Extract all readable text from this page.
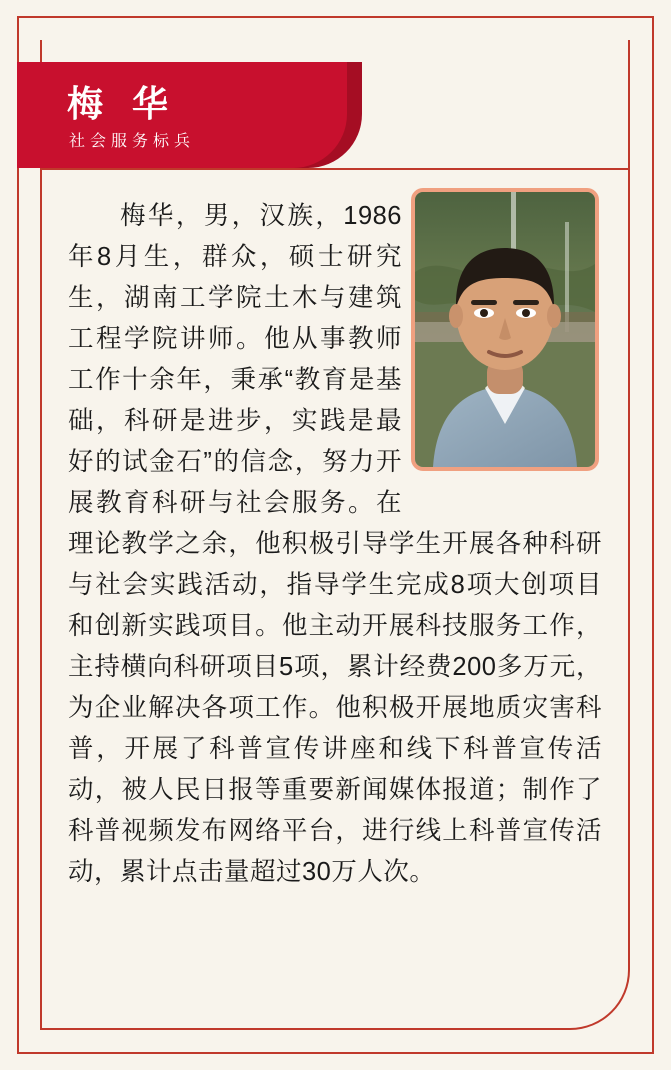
梅 华
社会服务标兵

梅华，男，汉族，1986年8月生，群众，硕士研究生，湖南工学院土木与建筑工程学院讲师。他从事教师工作十余年，秉承“教育是基础，科研是进步，实践是最好的试金石”的信念，努力开展教育科研与社会服务。在理论教学之余，他积极引导学生开展各种科研与社会实践活动，指导学生完成8项大创项目和创新实践项目。他主动开展科技服务工作，主持横向科研项目5项，累计经费200多万元，为企业解决各项工作。他积极开展地质灾害科普，开展了科普宣传讲座和线下科普宣传活动，被人民日报等重要新闻媒体报道；制作了科普视频发布网络平台，进行线上科普宣传活动，累计点击量超过30万人次。
